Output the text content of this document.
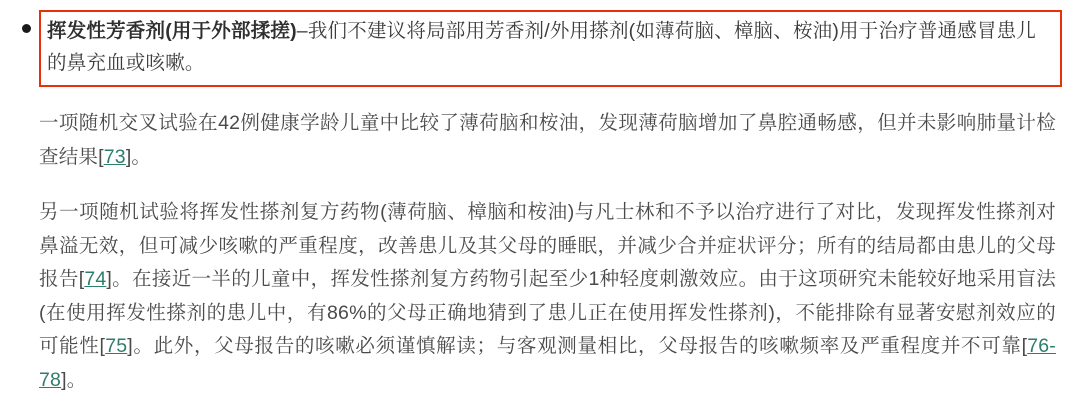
挥发性芳香剂(用于外部揉搓)–我们不建议将局部用芳香剂/外用搽剂(如薄荷脑、樟脑、桉油)用于治疗普通感冒患儿的鼻充血或咳嗽。

一项随机交叉试验在42例健康学龄儿童中比较了薄荷脑和桉油，发现薄荷脑增加了鼻腔通畅感，但并未影响肺量计检查结果[73]。

另一项随机试验将挥发性搽剂复方药物(薄荷脑、樟脑和桉油)与凡士林和不予以治疗进行了对比，发现挥发性搽剂对鼻溢无效，但可减少咳嗽的严重程度，改善患儿及其父母的睡眠，并减少合并症状评分；所有的结局都由患儿的父母报告[74]。在接近一半的儿童中，挥发性搽剂复方药物引起至少1种轻度刺激效应。由于这项研究未能较好地采用盲法(在使用挥发性搽剂的患儿中，有86%的父母正确地猜到了患儿正在使用挥发性搽剂)，不能排除有显著安慰剂效应的可能性[75]。此外，父母报告的咳嗽必须谨慎解读；与客观测量相比，父母报告的咳嗽频率及严重程度并不可靠[76-78]。
